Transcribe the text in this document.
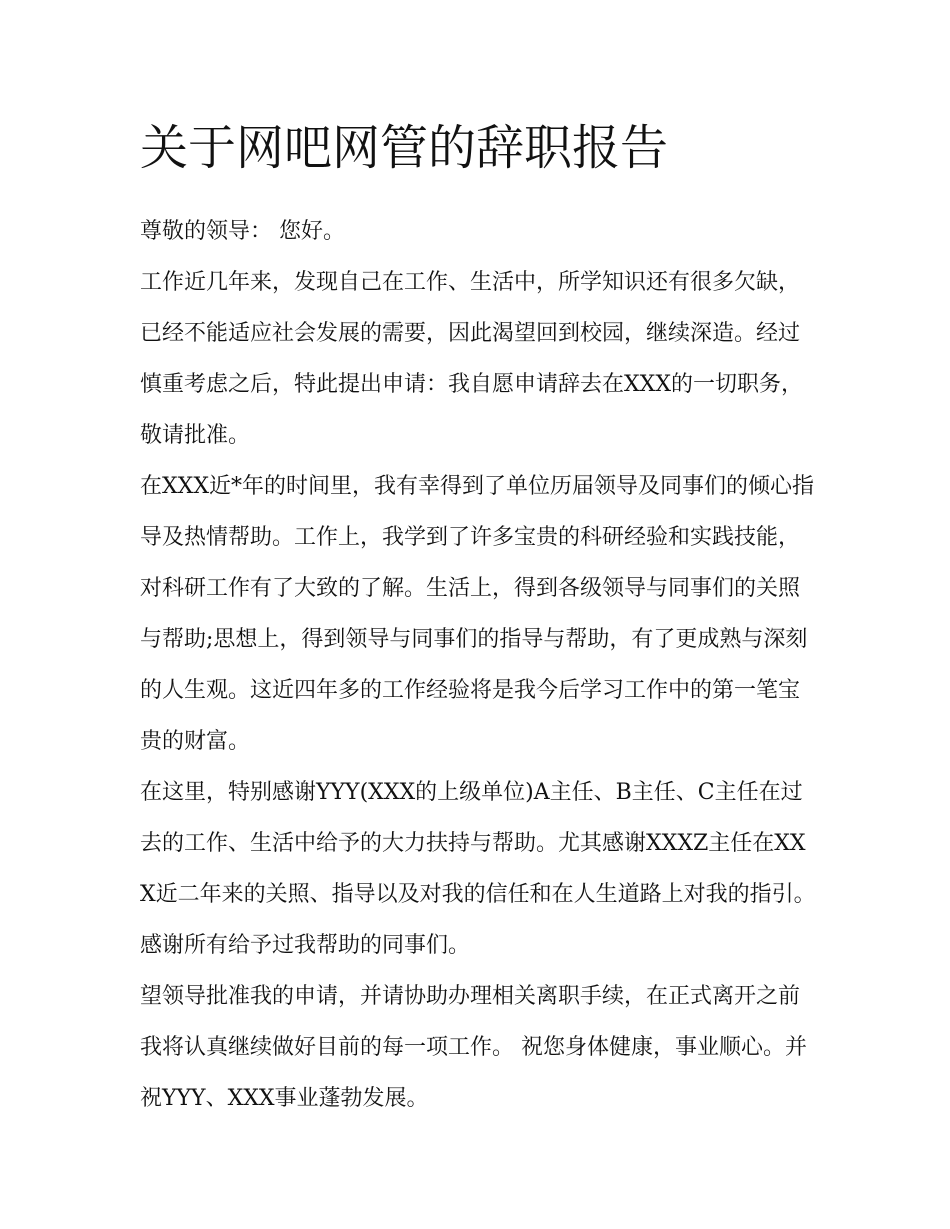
关于网吧网管的辞职报告

尊敬的领导： 您好。

工作近几年来，发现自己在工作、生活中，所学知识还有很多欠缺，已经不能适应社会发展的需要，因此渴望回到校园，继续深造。经过慎重考虑之后，特此提出申请：我自愿申请辞去在XXX的一切职务，敬请批准。

在XXX近*年的时间里，我有幸得到了单位历届领导及同事们的倾心指导及热情帮助。工作上，我学到了许多宝贵的科研经验和实践技能，对科研工作有了大致的了解。生活上，得到各级领导与同事们的关照与帮助;思想上，得到领导与同事们的指导与帮助，有了更成熟与深刻的人生观。这近四年多的工作经验将是我今后学习工作中的第一笔宝贵的财富。

在这里，特别感谢YYY(XXX的上级单位)A主任、B主任、C主任在过去的工作、生活中给予的大力扶持与帮助。尤其感谢XXXZ主任在XXX近二年来的关照、指导以及对我的信任和在人生道路上对我的指引。感谢所有给予过我帮助的同事们。

望领导批准我的申请，并请协助办理相关离职手续，在正式离开之前我将认真继续做好目前的每一项工作。 祝您身体健康，事业顺心。并祝YYY、XXX事业蓬勃发展。
